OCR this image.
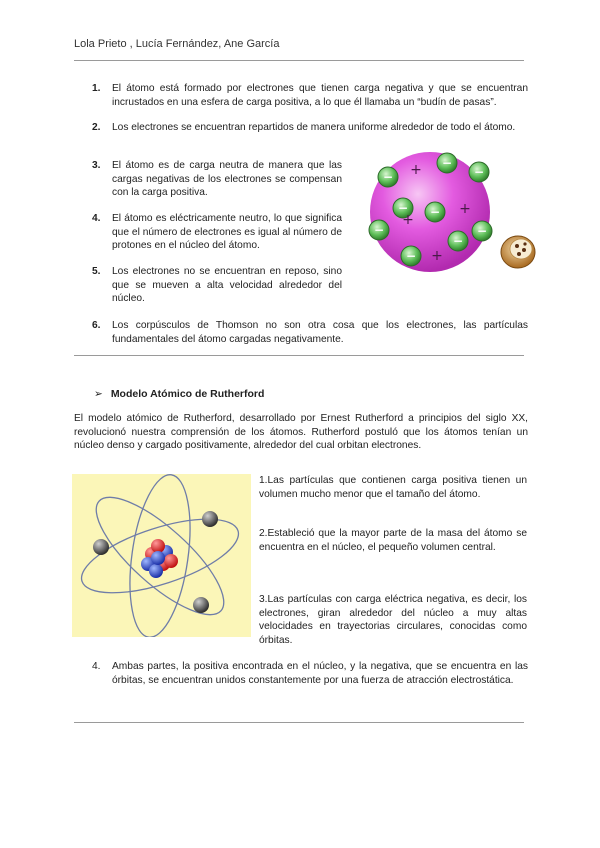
Lola Prieto , Lucía Fernández, Ane García
1.	El átomo está formado por electrones que tienen carga negativa y que se encuentran incrustados en una esfera de carga positiva, a lo que él llamaba un “budín de pasas”.
2.	Los electrones se encuentran repartidos de manera uniforme alrededor de todo el átomo.
3.	El átomo es de carga neutra de manera que las cargas negativas de los electrones se compensan con la carga positiva.
4.	El átomo es eléctricamente neutro, lo que significa que el número de electrones es igual al número de protones en el núcleo del átomo.
5.	Los electrones no se encuentran en reposo, sino que se mueven a alta velocidad alrededor del núcleo.
6.	Los corpúsculos de Thomson no son otra cosa que los electrones, las partículas fundamentales del átomo cargadas negativamente.
−
−
−
− −
−
−
−
−
+
+
+
+
➢ Modelo Atómico de Rutherford
El modelo atómico de Rutherford, desarrollado por Ernest Rutherford a principios del siglo XX, revolucionó nuestra comprensión de los átomos. Rutherford postuló que los átomos tenían un núcleo denso y cargado positivamente, alrededor del cual orbitan electrones.
1.Las partículas que contienen carga positiva tienen un volumen mucho menor que el tamaño del átomo.
2.Estableció que la mayor parte de la masa del átomo se encuentra en el núcleo, el pequeño volumen central.
3.Las partículas con carga eléctrica negativa, es decir, los electrones, giran alrededor del núcleo a muy altas velocidades en trayectorias circulares, conocidas como órbitas.
4.	Ambas partes, la positiva encontrada en el núcleo, y la negativa, que se encuentra en las órbitas, se encuentran unidos constantemente por una fuerza de atracción electrostática.
